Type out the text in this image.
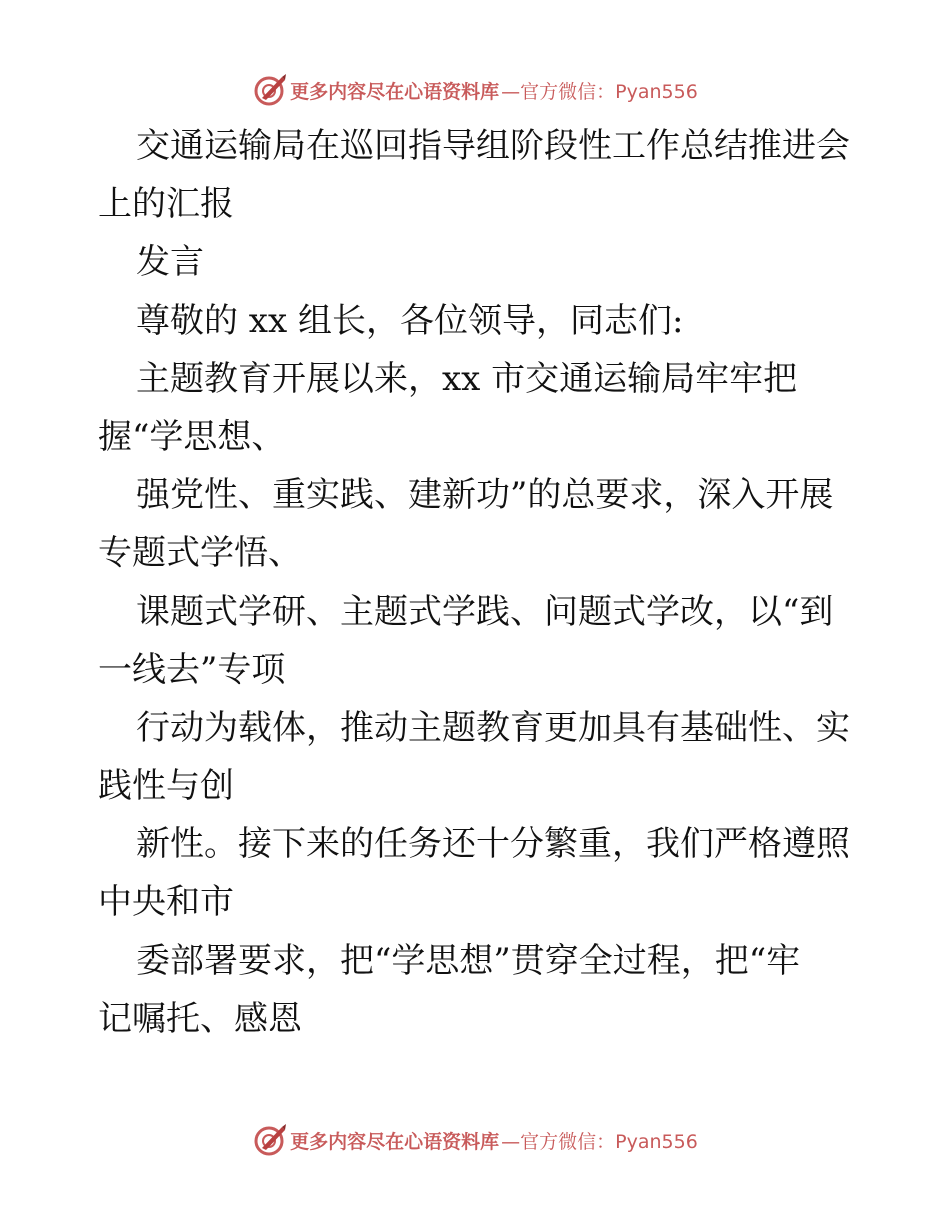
更多内容尽在心语资料库 —官方微信：Pyan556
交通运输局在巡回指导组阶段性工作总结推进会
上的汇报
发言
尊敬的 xx 组长，各位领导，同志们:
主题教育开展以来，xx 市交通运输局牢牢把
握“学思想、
强党性、重实践、建新功”的总要求，深入开展
专题式学悟、
课题式学研、主题式学践、问题式学改，以“到
一线去”专项
行动为载体，推动主题教育更加具有基础性、实
践性与创
新性。接下来的任务还十分繁重，我们严格遵照
中央和市
委部署要求，把“学思想”贯穿全过程，把“牢
记嘱托、感恩
更多内容尽在心语资料库 —官方微信：Pyan556
